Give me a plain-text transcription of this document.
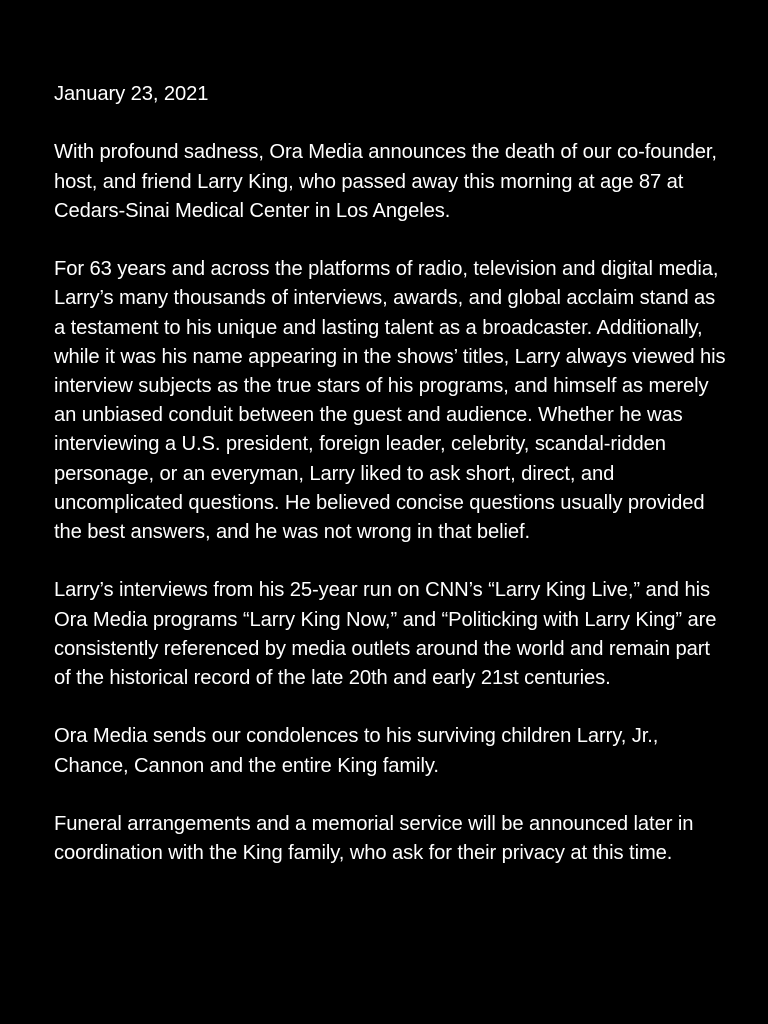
January 23, 2021

With profound sadness, Ora Media announces the death of our co-founder, host, and friend Larry King, who passed away this morning at age 87 at Cedars-Sinai Medical Center in Los Angeles.

For 63 years and across the platforms of radio, television and digital media, Larry’s many thousands of interviews, awards, and global acclaim stand as a testament to his unique and lasting talent as a broadcaster. Additionally, while it was his name appearing in the shows’ titles, Larry always viewed his interview subjects as the true stars of his programs, and himself as merely an unbiased conduit between the guest and audience. Whether he was interviewing a U.S. president, foreign leader, celebrity, scandal-ridden personage, or an everyman, Larry liked to ask short, direct, and uncomplicated questions. He believed concise questions usually provided the best answers, and he was not wrong in that belief.

Larry’s interviews from his 25-year run on CNN’s “Larry King Live,” and his Ora Media programs “Larry King Now,” and “Politicking with Larry King” are consistently referenced by media outlets around the world and remain part of the historical record of the late 20th and early 21st centuries.

Ora Media sends our condolences to his surviving children Larry, Jr., Chance, Cannon and the entire King family.

Funeral arrangements and a memorial service will be announced later in coordination with the King family, who ask for their privacy at this time.
